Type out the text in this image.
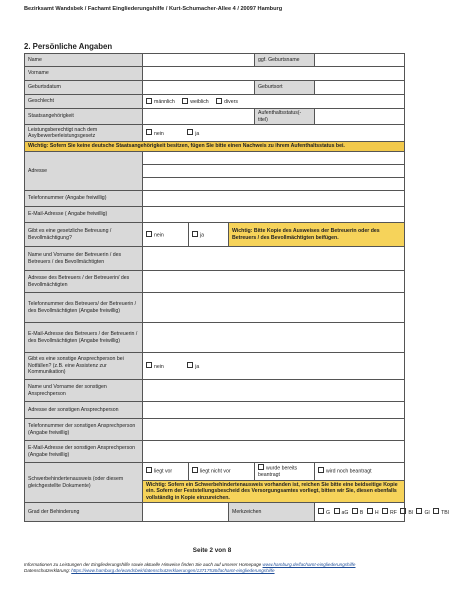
Bezirksamt Wandsbek / Fachamt Eingliederungshilfe / Kurt-Schumacher-Allee 4 / 20097 Hamburg
2. Persönliche Angaben
Name				ggf. Geburtsname	
Vorname					
Geburtsdatum				Geburtsort	
Geschlecht	männlich weiblich divers				
Staatsangehörigkeit				Aufenthaltsstatus(-titel)	
Leistungsberechtigt nach dem Asylbewerberleistungsgesetz	nein ja				
Wichtig: Sofern Sie keine deutsche Staatsangehörigkeit besitzen, fügen Sie bitte einen Nachweis zu ihrem Aufenthaltsstatus bei.					
Adresse					

Telefonnummer (Angabe freiwillig)					
E-Mail-Adresse ( Angabe freiwillig)					
Gibt es eine gesetzliche Betreuung / Bevollmächtigung?	nein	ja	Wichtig: Bitte Kopie des Ausweises der Betreuerin oder des Betreuers / des Bevollmächtigten beifügen.		
Name und Vorname der Betreuerin / des Betreuers / des Bevollmächtigten					
Adresse des Betreuers / der Betreuerin/ des Bevollmächtigten					
Telefonnummer des Betreuers/ der Betreuerin / des Bevollmächtigten (Angabe freiwillig)					
E-Mail-Adresse des Betreuers / der Betreuerin / des Bevollmächtigten (Angabe freiwillig)					
Gibt es eine sonstige Ansprechperson bei Notfällen? (z.B. eine Assistenz zur Kommunikation)	nein ja				
Name und Vorname der sonstigen Ansprechperson					
Adresse der sonstigen Ansprechperson					
Telefonnummer der sonstigen Ansprechperson (Angabe freiwillig)					
E-Mail-Adresse der sonstigen Ansprechperson (Angabe freiwillig)					
Schwerbehindertenausweis (oder diesem gleichgestellte Dokumente)	liegt vor	liegt nicht vor		wurde bereits beantragt	wird noch beantragt
	Wichtig: Sofern ein Schwerbehindertenausweis vorhanden ist, reichen Sie bitte eine beidseitige Kopie ein. Sofern der Feststellungsbescheid des Versorgungsamtes vorliegt, bitten wir Sie, diesen ebenfalls vollständig in Kopie einzureichen.				
Grad der Behinderung			Merkzeichen		G aG B H RF Bl Gl TBl
Seite 2 von 8
Informationen zu Leistungen der Eingliederungshilfe sowie aktuelle Hinweise finden Sie auch auf unserer Homepage www.hamburg.de/fachamt-eingliederungshilfe
Datenschutzerklärung: https://www.hamburg.de/wandsbek/datenschutzerklaerungen/13717536/fachamt-eingliederungshilfe
